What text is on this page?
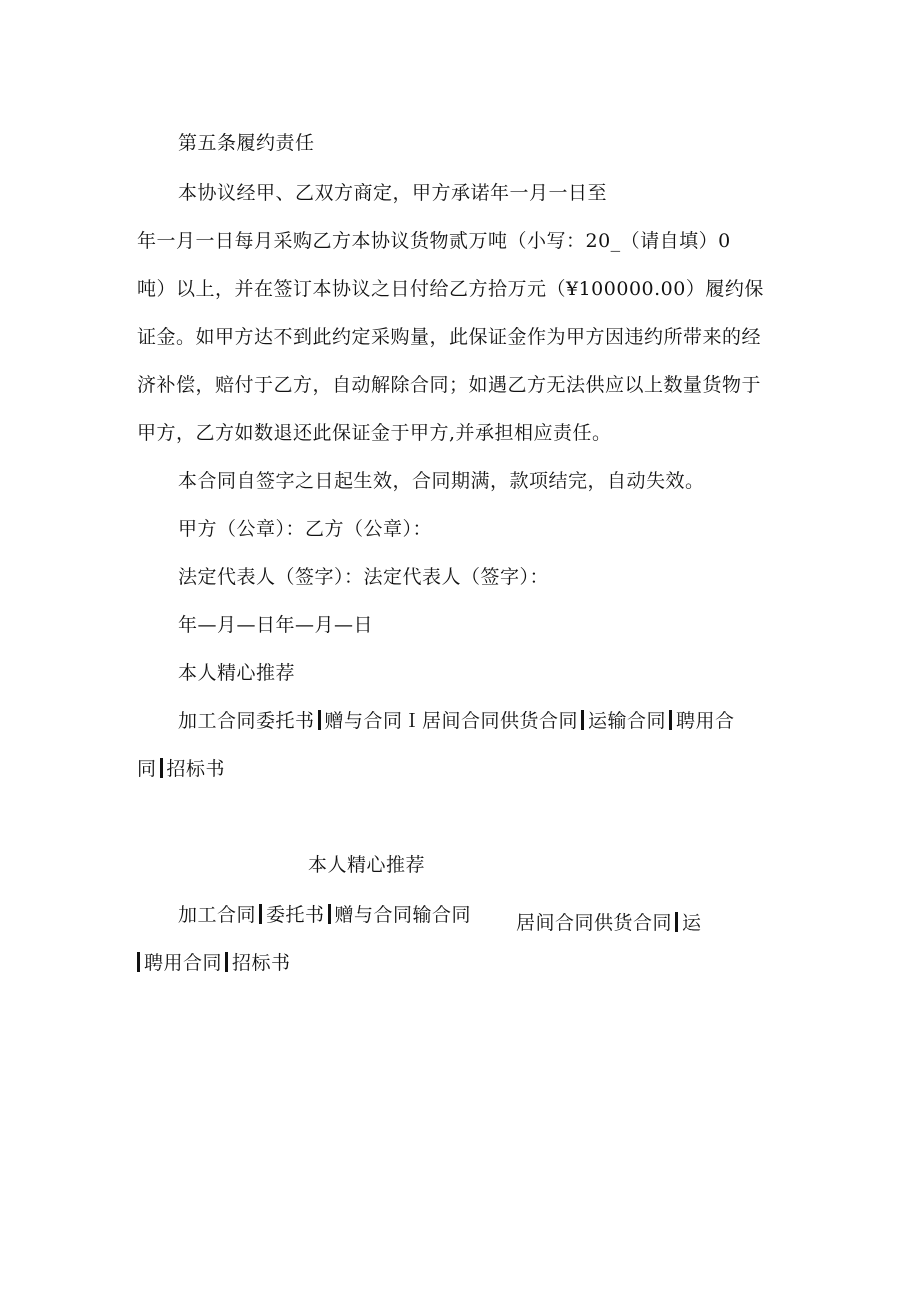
第五条履约责任
本协议经甲、乙双方商定，甲方承诺年一月一日至
年一月一日每月采购乙方本协议货物贰万吨（小写：20_（请自填）0
吨）以上，并在签订本协议之日付给乙方拾万元（¥100000.00）履约保
证金。如甲方达不到此约定采购量，此保证金作为甲方因违约所带来的经
济补偿，赔付于乙方，自动解除合同；如遇乙方无法供应以上数量货物于
甲方，乙方如数退还此保证金于甲方,并承担相应责任。
本合同自签字之日起生效，合同期满，款项结完，自动失效。
甲方（公章）：乙方（公章）：
法定代表人（签字）：法定代表人（签字）：
年—月—日年—月—日
本人精心推荐
加工合同委托书 赠与合同Ｉ居间合同供货合同 运输合同 聘用合
同 招标书
本人精心推荐
加工合同 委托书 赠与合同输合同 居间合同供货合同 运
聘用合同 招标书
